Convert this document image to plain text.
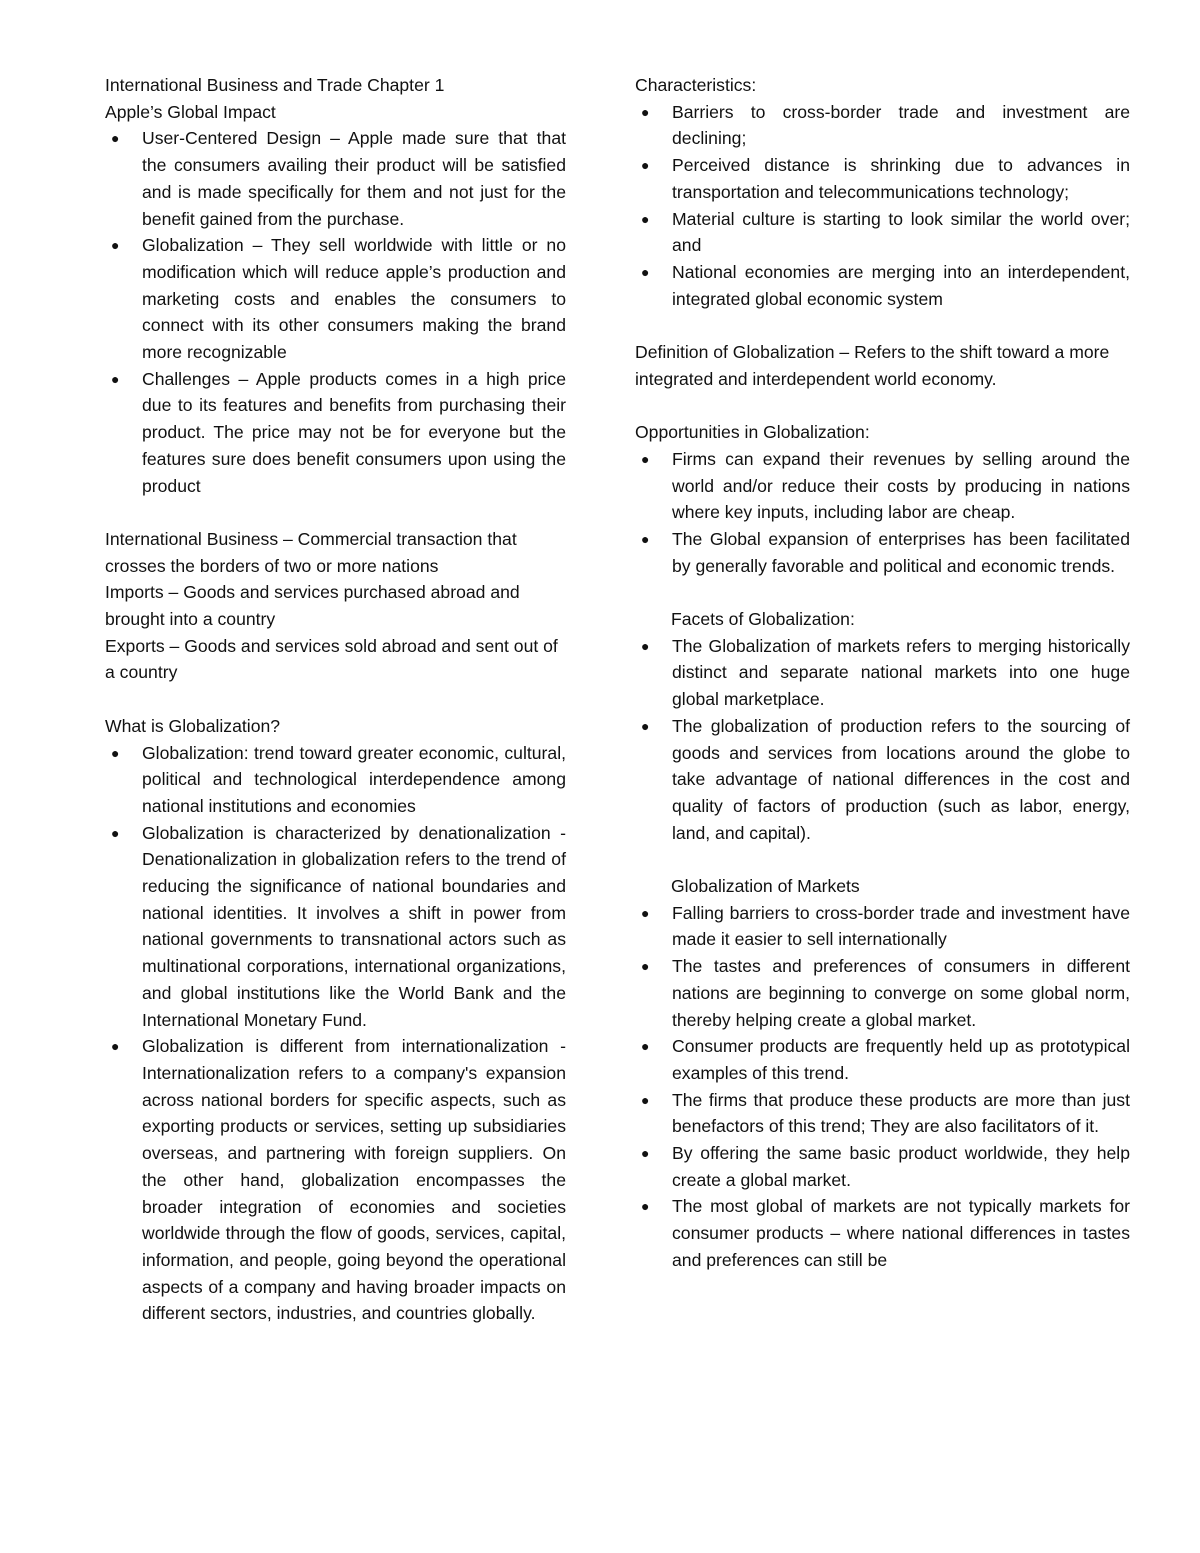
International Business and Trade Chapter 1

Apple’s Global Impact

● User-Centered Design – Apple made sure that that the consumers availing their product will be satisfied and is made specifically for them and not just for the benefit gained from the purchase.
● Globalization – They sell worldwide with little or no modification which will reduce apple’s production and marketing costs and enables the consumers to connect with its other consumers making the brand more recognizable
● Challenges – Apple products comes in a high price due to its features and benefits from purchasing their product. The price may not be for everyone but the features sure does benefit consumers upon using the product

International Business – Commercial transaction that crosses the borders of two or more nations

Imports – Goods and services purchased abroad and brought into a country

Exports – Goods and services sold abroad and sent out of a country

What is Globalization?

● Globalization: trend toward greater economic, cultural, political and technological interdependence among national institutions and economies
● Globalization is characterized by denationalization - Denationalization in globalization refers to the trend of reducing the significance of national boundaries and national identities. It involves a shift in power from national governments to transnational actors such as multinational corporations, international organizations, and global institutions like the World Bank and the International Monetary Fund.
● Globalization is different from internationalization - Internationalization refers to a company's expansion across national borders for specific aspects, such as exporting products or services, setting up subsidiaries overseas, and partnering with foreign suppliers. On the other hand, globalization encompasses the broader integration of economies and societies worldwide through the flow of goods, services, capital, information, and people, going beyond the operational aspects of a company and having broader impacts on different sectors, industries, and countries globally.

Characteristics:

● Barriers to cross-border trade and investment are declining;
● Perceived distance is shrinking due to advances in transportation and telecommunications technology;
● Material culture is starting to look similar the world over; and
● National economies are merging into an interdependent, integrated global economic system

Definition of Globalization – Refers to the shift toward a more integrated and interdependent world economy.

Opportunities in Globalization:

● Firms can expand their revenues by selling around the world and/or reduce their costs by producing in nations where key inputs, including labor are cheap.
● The Global expansion of enterprises has been facilitated by generally favorable and political and economic trends.

Facets of Globalization:

● The Globalization of markets refers to merging historically distinct and separate national markets into one huge global marketplace.
● The globalization of production refers to the sourcing of goods and services from locations around the globe to take advantage of national differences in the cost and quality of factors of production (such as labor, energy, land, and capital).

Globalization of Markets

● Falling barriers to cross-border trade and investment have made it easier to sell internationally
● The tastes and preferences of consumers in different nations are beginning to converge on some global norm, thereby helping create a global market.
● Consumer products are frequently held up as prototypical examples of this trend.
● The firms that produce these products are more than just benefactors of this trend; They are also facilitators of it.
● By offering the same basic product worldwide, they help create a global market.
● The most global of markets are not typically markets for consumer products – where national differences in tastes and preferences can still be
